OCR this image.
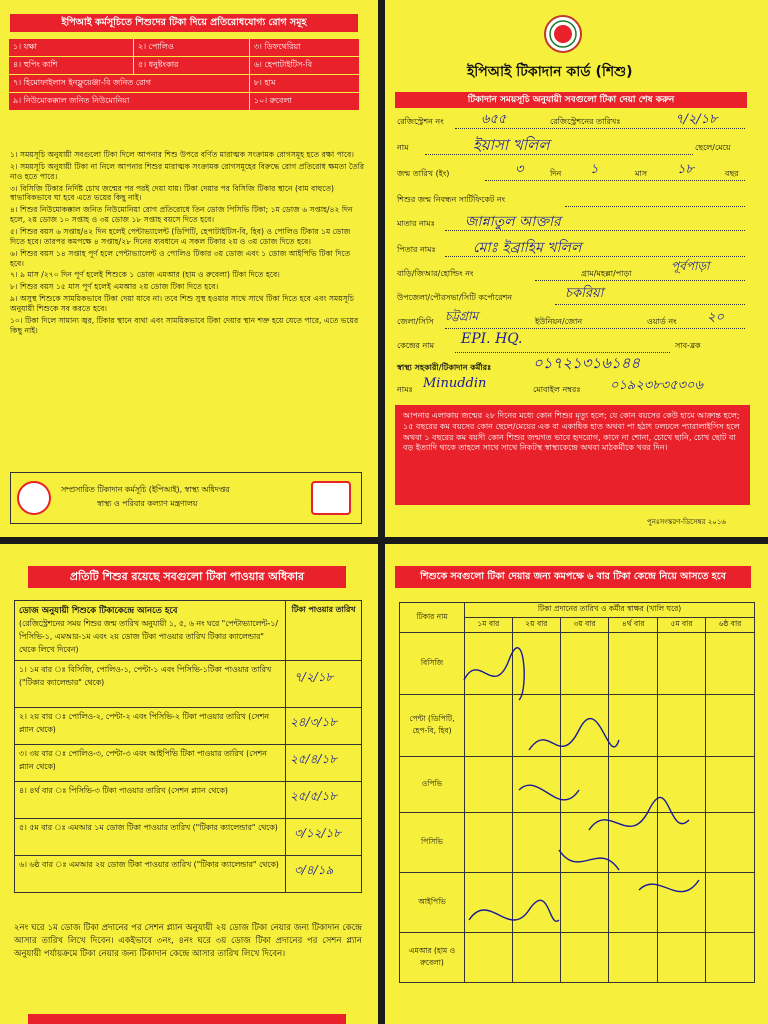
ইপিআই কর্মসূচিতে শিশুদের টিকা দিয়ে প্রতিরোধযোগ্য রোগ সমূহ
১। যক্ষা	২। পোলিও	৩। ডিফথেরিয়া
৪। হুপিং কাশি	৫। ধনুষ্টংকার	৬। হেপাটাইটিস-বি
৭। হিমোফাইলাস ইনফ্লুয়েঞ্জা-বি জনিত রোগ		৮। হাম
৯। নিউমোকক্কাল জনিত নিউমোনিয়া		১০। রুবেলা
১। সময়সূচি অনুযায়ী সবগুলো টিকা দিলে আপনার শিশু উপরে বর্ণিত মারাত্মক সংক্রামক রোগসমূহ হতে রক্ষা পাবে।
২। সময়সূচি অনুযায়ী টিকা না নিলে আপনার শিশুর মারাত্মক সংক্রামক রোগসমূহের বিরুদ্ধে রোগ প্রতিরোধ ক্ষমতা তৈরি নাও হতে পারে।
৩। বিসিজি টিকার নির্দিষ্ট চোখ জন্মের পর পরই দেয়া যায়। টিকা দেয়ার পর বিসিজি টিকার স্থানে (বাম বাহুতে) স্বাভাবিকভাবে ঘা হবে এতে ভয়ের কিছু নাই।
৪। শিশুর নিউমোকক্কাল জনিত নিউমোনিয়া রোগ প্রতিরোধে তিন ডোজ পিসিভি টিকা; ১ম ডোজ ৬ সপ্তাহ/৪২ দিন হলে, ২য় ডোজ ১০ সপ্তাহ ও ৩য় ডোজ ১৮ সপ্তাহ বয়সে দিতে হবে।
৫। শিশুর বয়স ৬ সপ্তাহ/৪২ দিন হলেই পেন্টাভ্যালেন্ট (ডিপিটি, হেপাটাইটিস-বি, হিব) ও পোলিও টিকার ১ম ডোজ দিতে হবে। তারপর কমপক্ষে ৪ সপ্তাহ/২৮ দিনের ব্যবধানে এ সকল টিকার ২য় ও ৩য় ডোজ দিতে হবে।
৬। শিশুর বয়স ১৪ সপ্তাহ পূর্ণ হলে পেন্টাভ্যালেন্ট ও পোলিও টিকার ৩য় ডোজ এবং ১ ডোজ আইপিভি টিকা দিতে হবে।
৭। ৯ মাস /২৭০ দিন পূর্ণ হলেই শিশুকে ১ ডোজ এমআর (হাম ও রুবেলা) টিকা দিতে হবে।
৮। শিশুর বয়স ১৫ মাস পূর্ণ হলেই এমআর ২য় ডোজ টিকা দিতে হবে।
৯। অসুস্থ শিশুকে সাময়িকভাবে টিকা দেয়া যাবে না। তবে শিশু সুস্থ হওয়ার সাথে সাথে টিকা দিতে হবে এবং সময়সূচি অনুযায়ী শিশুকে সব করতে হবে।
১০। টিকা দিলে সামান্য জ্বর, টিকার স্থানে ব্যথা এবং সাময়িকভাবে টিকা দেয়ার স্থান শক্ত হয়ে যেতে পারে, এতে ভয়ের কিছু নাই।
সম্প্রসারিত টিকাদান কর্মসূচি (ইপিআই), স্বাস্থ্য অধিদপ্তর
স্বাস্থ্য ও পরিবার কল্যাণ মন্ত্রণালয়
ইপিআই টিকাদান কার্ড (শিশু)
টিকাদান সময়সূচি অনুযায়ী সবগুলো টিকা দেয়া শেষ করুন
রেজিস্ট্রেশন নং	৬৫৫	রেজিস্ট্রেশনের তারিখঃ	৭/২/১৮
নাম	ইয়াসা খলিল	ছেলে/মেয়ে
জন্ম তারিখ (ইং)	৩	দিন ১	মাস ১৮	বছর
শিশুর জন্ম নিবন্ধন সার্টিফিকেট নং
মাতার নামঃ জান্নাতুল আক্তার
পিতার নামঃ	মোঃ ইব্রাহিম খলিল
বাড়ি/জিআর/হোল্ডিং নং	গ্রাম/মহল্লা/পাড়া
পূর্বপাড়া
উপজেলা/পৌরসভা/সিটি কর্পোরেশন	চকরিয়া
জেলা/সিসি চট্টগ্রাম	ইউনিয়ন/জোন	ওয়ার্ড নং ২০
কেন্দ্রের নাম EPI. HQ.	সাব-ব্লক
স্বাস্থ্য সহকারী/টিকাদান কর্মীরঃ	০১৭২১৩১৬১৪৪
নামঃ Minuddin	মোবাইল নম্বরঃ ০১৯২৩৮৩৫৩০৬
আপনার এলাকায় জন্মের ২৮ দিনের মধ্যে কোন শিশুর মৃত্যু হলে; যে কোন বয়সের কেউ হামে আক্রান্ত হলে; ১৫ বছরের কম বয়সের কোন ছেলে/মেয়ের এক বা একাধিক হাত অথবা পা হঠাৎ ঢলঢলে প্যারালাইসিস হলে অথবা ১ বছরের কম বয়সী কোন শিশুর জন্মগত ভাবে হৃদরোগ, কানে না শোনা, চোখে ছানি, চোখ ছোট বা বড় ইত্যাদি থাকে তাহলে সাথে সাথে নিকটস্থ স্বাস্থ্যকেন্দ্রে অথবা মাঠকর্মীকে খবর দিন।
পুনঃসংস্করণ-ডিসেম্বর ২০১৬
প্রতিটি শিশুর রয়েছে সবগুলো টিকা পাওয়ার অধিকার
ডোজ অনুযায়ী শিশুকে টিকাকেন্দ্রে আনতে হবে
(রেজিস্ট্রেশনের সময় শিশুর জন্ম তারিখ অনুযায়ী ১, ৫, ৬ নং ঘরে "পেন্টাভ্যালেন্ট-১/পিসিভি-১, এমআর-১ম এবং ২য় ডোজ টিকা পাওয়ার তারিখ টিকার ক্যালেন্ডার" থেকে লিখে দিবেন)	টিকা পাওয়ার তারিখ
১। ১ম বার ঃ বিসিজি, পোলিও-১, পেন্টা-১ এবং পিসিভি-১টিকা পাওয়ার তারিখ ("টিকার ক্যালেন্ডার" থেকে)	৭/২/১৮

২। ২য় বার ঃ পোলিও-২, পেন্টা-২ এবং পিসিভি-২ টিকা পাওয়ার তারিখ (সেশন প্ল্যান থেকে)	২৪/৩/১৮

৩। ৩য় বার ঃ পোলিও-৩, পেন্টা-৩ এবং আইপিভি টিকা পাওয়ার তারিখ (সেশন প্ল্যান থেকে)	২৫/৪/১৮

৪। ৪র্থ বার ঃ পিসিভি-৩ টিকা পাওয়ার তারিখ (সেশন প্ল্যান থেকে)	২৫/৫/১৮

৫। ৫ম বার ঃ এমআর ১ম ডোজ টিকা পাওয়ার তারিখ ("টিকার ক্যালেন্ডার" থেকে)	৩/১২/১৮

৬। ৬ষ্ঠ বার ঃ এমআর ২য় ডোজ টিকা পাওয়ার তারিখ ("টিকার ক্যালেন্ডার" থেকে)	৩/৪/১৯
২নং ঘরে ১ম ডোজ টিকা প্রদানের পর সেশন প্ল্যান অনুযায়ী ২য় ডোজ টিকা নেয়ার জন্য টিকাদান কেন্দ্রে আসার তারিখ লিখে দিবেন। একইভাবে ৩নং, ৪নং ঘরে ৩য় ডোজ টিকা প্রদানের পর সেশন প্ল্যান অনুযায়ী পর্যায়ক্রমে টিকা নেয়ার জন্য টিকাদান কেন্দ্রে আসার তারিখ লিখে দিবেন।
শিশুকে সবগুলো টিকা দেয়ার জন্য কমপক্ষে ৬ বার টিকা কেন্দ্রে নিয়ে আসতে হবে
টিকার নাম	টিকা প্রদানের তারিখ ও কর্মীর স্বাক্ষর (খালি ঘরে)					
	১ম বার	২য় বার	৩য় বার	৪র্থ বার	৫ম বার	৬ষ্ঠ বার
বিসিজি						
পেন্টা (ডিপিটি, হেপ-বি, হিব)						
ওপিভি						
পিসিভি						
আইপিভি						
এমআর (হাম ও রুবেলা)						
